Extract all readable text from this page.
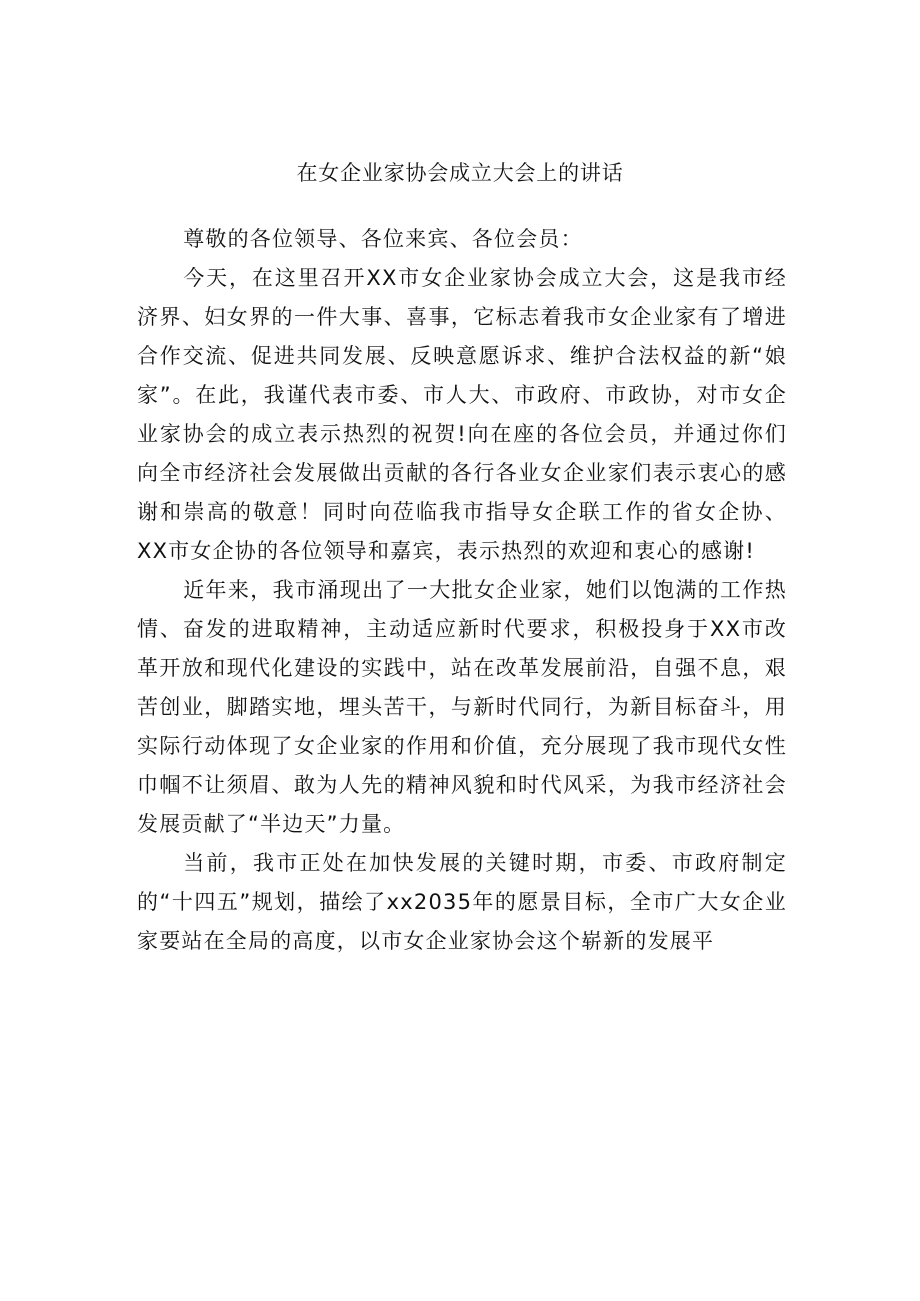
在女企业家协会成立大会上的讲话

尊敬的各位领导、各位来宾、各位会员：

今天，在这里召开XX市女企业家协会成立大会，这是我市经济界、妇女界的一件大事、喜事，它标志着我市女企业家有了增进合作交流、促进共同发展、反映意愿诉求、维护合法权益的新“娘家”。在此，我谨代表市委、市人大、市政府、市政协，对市女企业家协会的成立表示热烈的祝贺!向在座的各位会员，并通过你们向全市经济社会发展做出贡献的各行各业女企业家们表示衷心的感谢和崇高的敬意！同时向莅临我市指导女企联工作的省女企协、XX市女企协的各位领导和嘉宾，表示热烈的欢迎和衷心的感谢!

近年来，我市涌现出了一大批女企业家，她们以饱满的工作热情、奋发的进取精神，主动适应新时代要求，积极投身于XX市改革开放和现代化建设的实践中，站在改革发展前沿，自强不息，艰苦创业，脚踏实地，埋头苦干，与新时代同行，为新目标奋斗，用实际行动体现了女企业家的作用和价值，充分展现了我市现代女性巾帼不让须眉、敢为人先的精神风貌和时代风采，为我市经济社会发展贡献了“半边天”力量。

当前，我市正处在加快发展的关键时期，市委、市政府制定的“十四五”规划，描绘了xx2035年的愿景目标，全市广大女企业家要站在全局的高度，以市女企业家协会这个崭新的发展平
